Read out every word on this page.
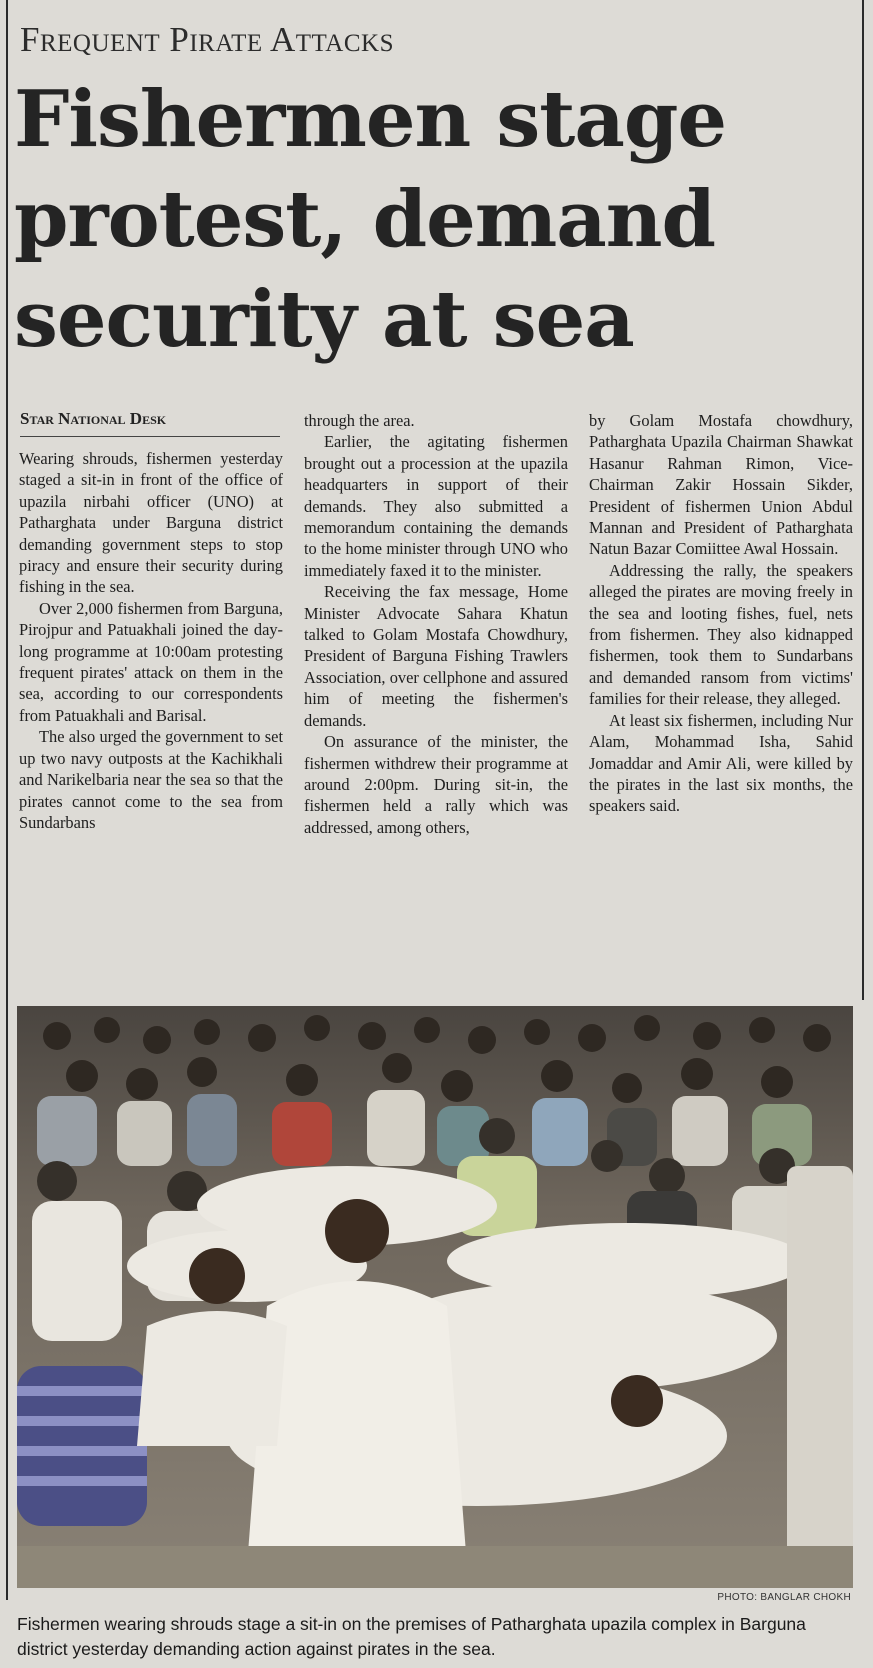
Frequent Pirate Attacks
Fishermen stage
protest, demand
security at sea
Star National Desk

Wearing shrouds, fishermen yesterday staged a sit-in in front of the office of upazila nirbahi officer (UNO) at Patharghata under Barguna district demanding government steps to stop piracy and ensure their security during fishing in the sea.

Over 2,000 fishermen from Barguna, Pirojpur and Patuakhali joined the day-long programme at 10:00am protesting frequent pirates' attack on them in the sea, according to our correspondents from Patuakhali and Barisal.

The also urged the government to set up two navy outposts at the Kachikhali and Narikelbaria near the sea so that the pirates cannot come to the sea from Sundarbans

through the area.

Earlier, the agitating fishermen brought out a procession at the upazila headquarters in support of their demands. They also submitted a memorandum containing the demands to the home minister through UNO who immediately faxed it to the minister.

Receiving the fax message, Home Minister Advocate Sahara Khatun talked to Golam Mostafa Chowdhury, President of Barguna Fishing Trawlers Association, over cellphone and assured him of meeting the fishermen's demands.

On assurance of the minister, the fishermen withdrew their programme at around 2:00pm. During sit-in, the fishermen held a rally which was addressed, among others,

by Golam Mostafa chowdhury, Patharghata Upazila Chairman Shawkat Hasanur Rahman Rimon, Vice-Chairman Zakir Hossain Sikder, President of fishermen Union Abdul Mannan and President of Patharghata Natun Bazar Comiittee Awal Hossain.

Addressing the rally, the speakers alleged the pirates are moving freely in the sea and looting fishes, fuel, nets from fishermen. They also kidnapped fishermen, took them to Sundarbans and demanded ransom from victims' families for their release, they alleged.

At least six fishermen, including Nur Alam, Mohammad Isha, Sahid Jomaddar and Amir Ali, were killed by the pirates in the last six months, the speakers said.

PHOTO: BANGLAR CHOKH
Fishermen wearing shrouds stage a sit-in on the premises of Patharghata upazila complex in Barguna district yesterday demanding action against pirates in the sea.
